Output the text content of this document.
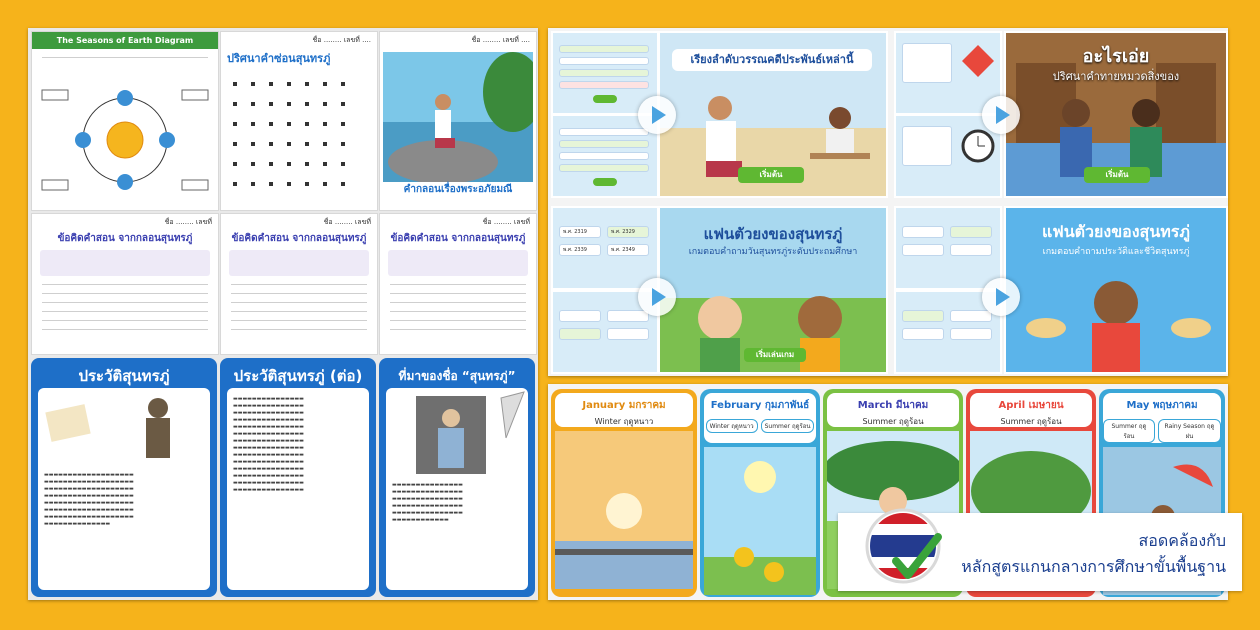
The Seasons of Earth Diagram	ชื่อ ........ เลขที่ ....
ปริศนาคำซ่อนสุนทรภู่
ชื่อ ........ เลขที่ ....
คำกลอนเรื่องพระอภัยมณี
ชื่อ ........ เลขที่
ข้อคิดคำสอน จากกลอนสุนทรภู่
ชื่อ ........ เลขที่
ข้อคิดคำสอน จากกลอนสุนทรภู่
ชื่อ ........ เลขที่
ข้อคิดคำสอน จากกลอนสุนทรภู่
ประวัติสุนทรภู่
▬▬▬▬▬▬▬▬▬▬▬▬▬▬▬▬▬▬▬
▬▬▬▬▬▬▬▬▬▬▬▬▬▬▬▬▬▬▬
▬▬▬▬▬▬▬▬▬▬▬▬▬▬▬▬▬▬▬
▬▬▬▬▬▬▬▬▬▬▬▬▬▬▬▬▬▬▬
▬▬▬▬▬▬▬▬▬▬▬▬▬▬▬▬▬▬▬
▬▬▬▬▬▬▬▬▬▬▬▬▬▬▬▬▬▬▬
▬▬▬▬▬▬▬▬▬▬▬▬▬▬▬▬▬▬▬
▬▬▬▬▬▬▬▬▬▬▬▬▬▬
ประวัติสุนทรภู่ (ต่อ)
▬▬▬▬▬▬▬▬▬▬▬▬▬▬▬
▬▬▬▬▬▬▬▬▬▬▬▬▬▬▬
▬▬▬▬▬▬▬▬▬▬▬▬▬▬▬
▬▬▬▬▬▬▬▬▬▬▬▬▬▬▬
▬▬▬▬▬▬▬▬▬▬▬▬▬▬▬
▬▬▬▬▬▬▬▬▬▬▬▬▬▬▬
▬▬▬▬▬▬▬▬▬▬▬▬▬▬▬
▬▬▬▬▬▬▬▬▬▬▬▬▬▬▬
▬▬▬▬▬▬▬▬▬▬▬▬▬▬▬
▬▬▬▬▬▬▬▬▬▬▬▬▬▬▬
▬▬▬▬▬▬▬▬▬▬▬▬▬▬▬
▬▬▬▬▬▬▬▬▬▬▬▬▬▬▬
▬▬▬▬▬▬▬▬▬▬▬▬▬▬▬
▬▬▬▬▬▬▬▬▬▬▬▬▬▬▬
ที่มาของชื่อ “สุนทรภู่”
▬▬▬▬▬▬▬▬▬▬▬▬▬▬▬
▬▬▬▬▬▬▬▬▬▬▬▬▬▬▬
▬▬▬▬▬▬▬▬▬▬▬▬▬▬▬
▬▬▬▬▬▬▬▬▬▬▬▬▬▬▬
▬▬▬▬▬▬▬▬▬▬▬▬▬▬▬
▬▬▬▬▬▬▬▬▬▬▬▬
เรียงลำดับวรรณคดีประพันธ์เหล่านี้
เริ่มต้น
อะไรเอ่ย
ปริศนาคำทายหมวดสิ่งของ
เริ่มต้น
พ.ศ. 2319	พ.ศ. 2329
พ.ศ. 2339	พ.ศ. 2349
แฟนตัวยงของสุนทรภู่
เกมตอบคำถามวันสุนทรภู่ระดับประถมศึกษา
เริ่มเล่นเกม
แฟนตัวยงของสุนทรภู่
เกมตอบคำถามประวัติและชีวิตสุนทรภู่
January มกราคม
Winter ฤดูหนาว
February กุมภาพันธ์
Winter ฤดูหนาว	Summer ฤดูร้อน
March มีนาคม
Summer ฤดูร้อน
April เมษายน
Summer ฤดูร้อน
May พฤษภาคม
Summer ฤดูร้อน
Rainy Season ฤดูฝน
สอดคล้องกับ
หลักสูตรแกนกลางการศึกษาขั้นพื้นฐาน
